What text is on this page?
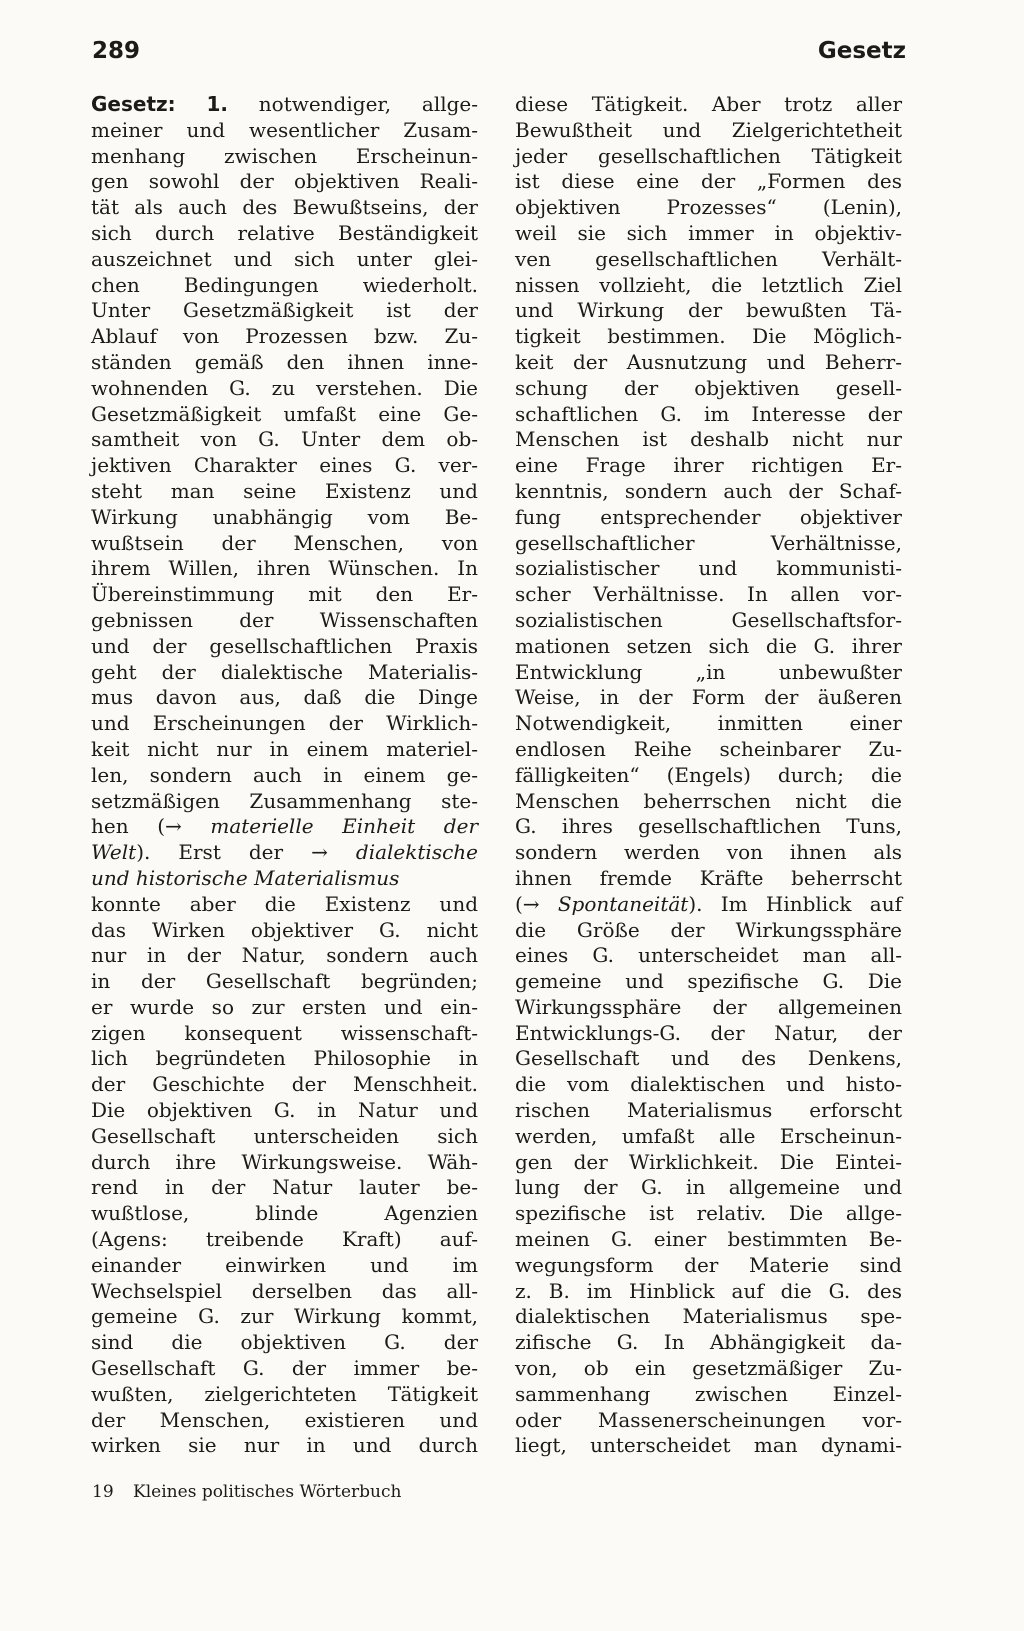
289	Gesetz
Gesetz: 1. notwendiger, allge-
meiner und wesentlicher Zusam-
menhang zwischen Erscheinun-
gen sowohl der objektiven Reali-
tät als auch des Bewußtseins, der
sich durch relative Beständigkeit
auszeichnet und sich unter glei-
chen Bedingungen wiederholt.
Unter Gesetzmäßigkeit ist der
Ablauf von Prozessen bzw. Zu-
ständen gemäß den ihnen inne-
wohnenden G. zu verstehen. Die
Gesetzmäßigkeit umfaßt eine Ge-
samtheit von G. Unter dem ob-
jektiven Charakter eines G. ver-
steht man seine Existenz und
Wirkung unabhängig vom Be-
wußtsein der Menschen, von
ihrem Willen, ihren Wünschen. In
Übereinstimmung mit den Er-
gebnissen der Wissenschaften
und der gesellschaftlichen Praxis
geht der dialektische Materialis-
mus davon aus, daß die Dinge
und Erscheinungen der Wirklich-
keit nicht nur in einem materiel-
len, sondern auch in einem ge-
setzmäßigen Zusammenhang ste-
hen (→ materielle Einheit der
Welt). Erst der → dialektische
und historische Materialismus
konnte aber die Existenz und
das Wirken objektiver G. nicht
nur in der Natur, sondern auch
in der Gesellschaft begründen;
er wurde so zur ersten und ein-
zigen konsequent wissenschaft-
lich begründeten Philosophie in
der Geschichte der Menschheit.
Die objektiven G. in Natur und
Gesellschaft unterscheiden sich
durch ihre Wirkungsweise. Wäh-
rend in der Natur lauter be-
wußtlose, blinde Agenzien
(Agens: treibende Kraft) auf-
einander einwirken und im
Wechselspiel derselben das all-
gemeine G. zur Wirkung kommt,
sind die objektiven G. der
Gesellschaft G. der immer be-
wußten, zielgerichteten Tätigkeit
der Menschen, existieren und
wirken sie nur in und durch
diese Tätigkeit. Aber trotz aller
Bewußtheit und Zielgerichtetheit
jeder gesellschaftlichen Tätigkeit
ist diese eine der „Formen des
objektiven Prozesses“ (Lenin),
weil sie sich immer in objektiv-
ven gesellschaftlichen Verhält-
nissen vollzieht, die letztlich Ziel
und Wirkung der bewußten Tä-
tigkeit bestimmen. Die Möglich-
keit der Ausnutzung und Beherr-
schung der objektiven gesell-
schaftlichen G. im Interesse der
Menschen ist deshalb nicht nur
eine Frage ihrer richtigen Er-
kenntnis, sondern auch der Schaf-
fung entsprechender objektiver
gesellschaftlicher Verhältnisse,
sozialistischer und kommunisti-
scher Verhältnisse. In allen vor-
sozialistischen Gesellschaftsfor-
mationen setzen sich die G. ihrer
Entwicklung „in unbewußter
Weise, in der Form der äußeren
Notwendigkeit, inmitten einer
endlosen Reihe scheinbarer Zu-
fälligkeiten“ (Engels) durch; die
Menschen beherrschen nicht die
G. ihres gesellschaftlichen Tuns,
sondern werden von ihnen als
ihnen fremde Kräfte beherrscht
(→ Spontaneität). Im Hinblick auf
die Größe der Wirkungssphäre
eines G. unterscheidet man all-
gemeine und spezifische G. Die
Wirkungssphäre der allgemeinen
Entwicklungs-G. der Natur, der
Gesellschaft und des Denkens,
die vom dialektischen und histo-
rischen Materialismus erforscht
werden, umfaßt alle Erscheinun-
gen der Wirklichkeit. Die Eintei-
lung der G. in allgemeine und
spezifische ist relativ. Die allge-
meinen G. einer bestimmten Be-
wegungsform der Materie sind
z. B. im Hinblick auf die G. des
dialektischen Materialismus spe-
zifische G. In Abhängigkeit da-
von, ob ein gesetzmäßiger Zu-
sammenhang zwischen Einzel-
oder Massenerscheinungen vor-
liegt, unterscheidet man dynami-
19 Kleines politisches Wörterbuch
